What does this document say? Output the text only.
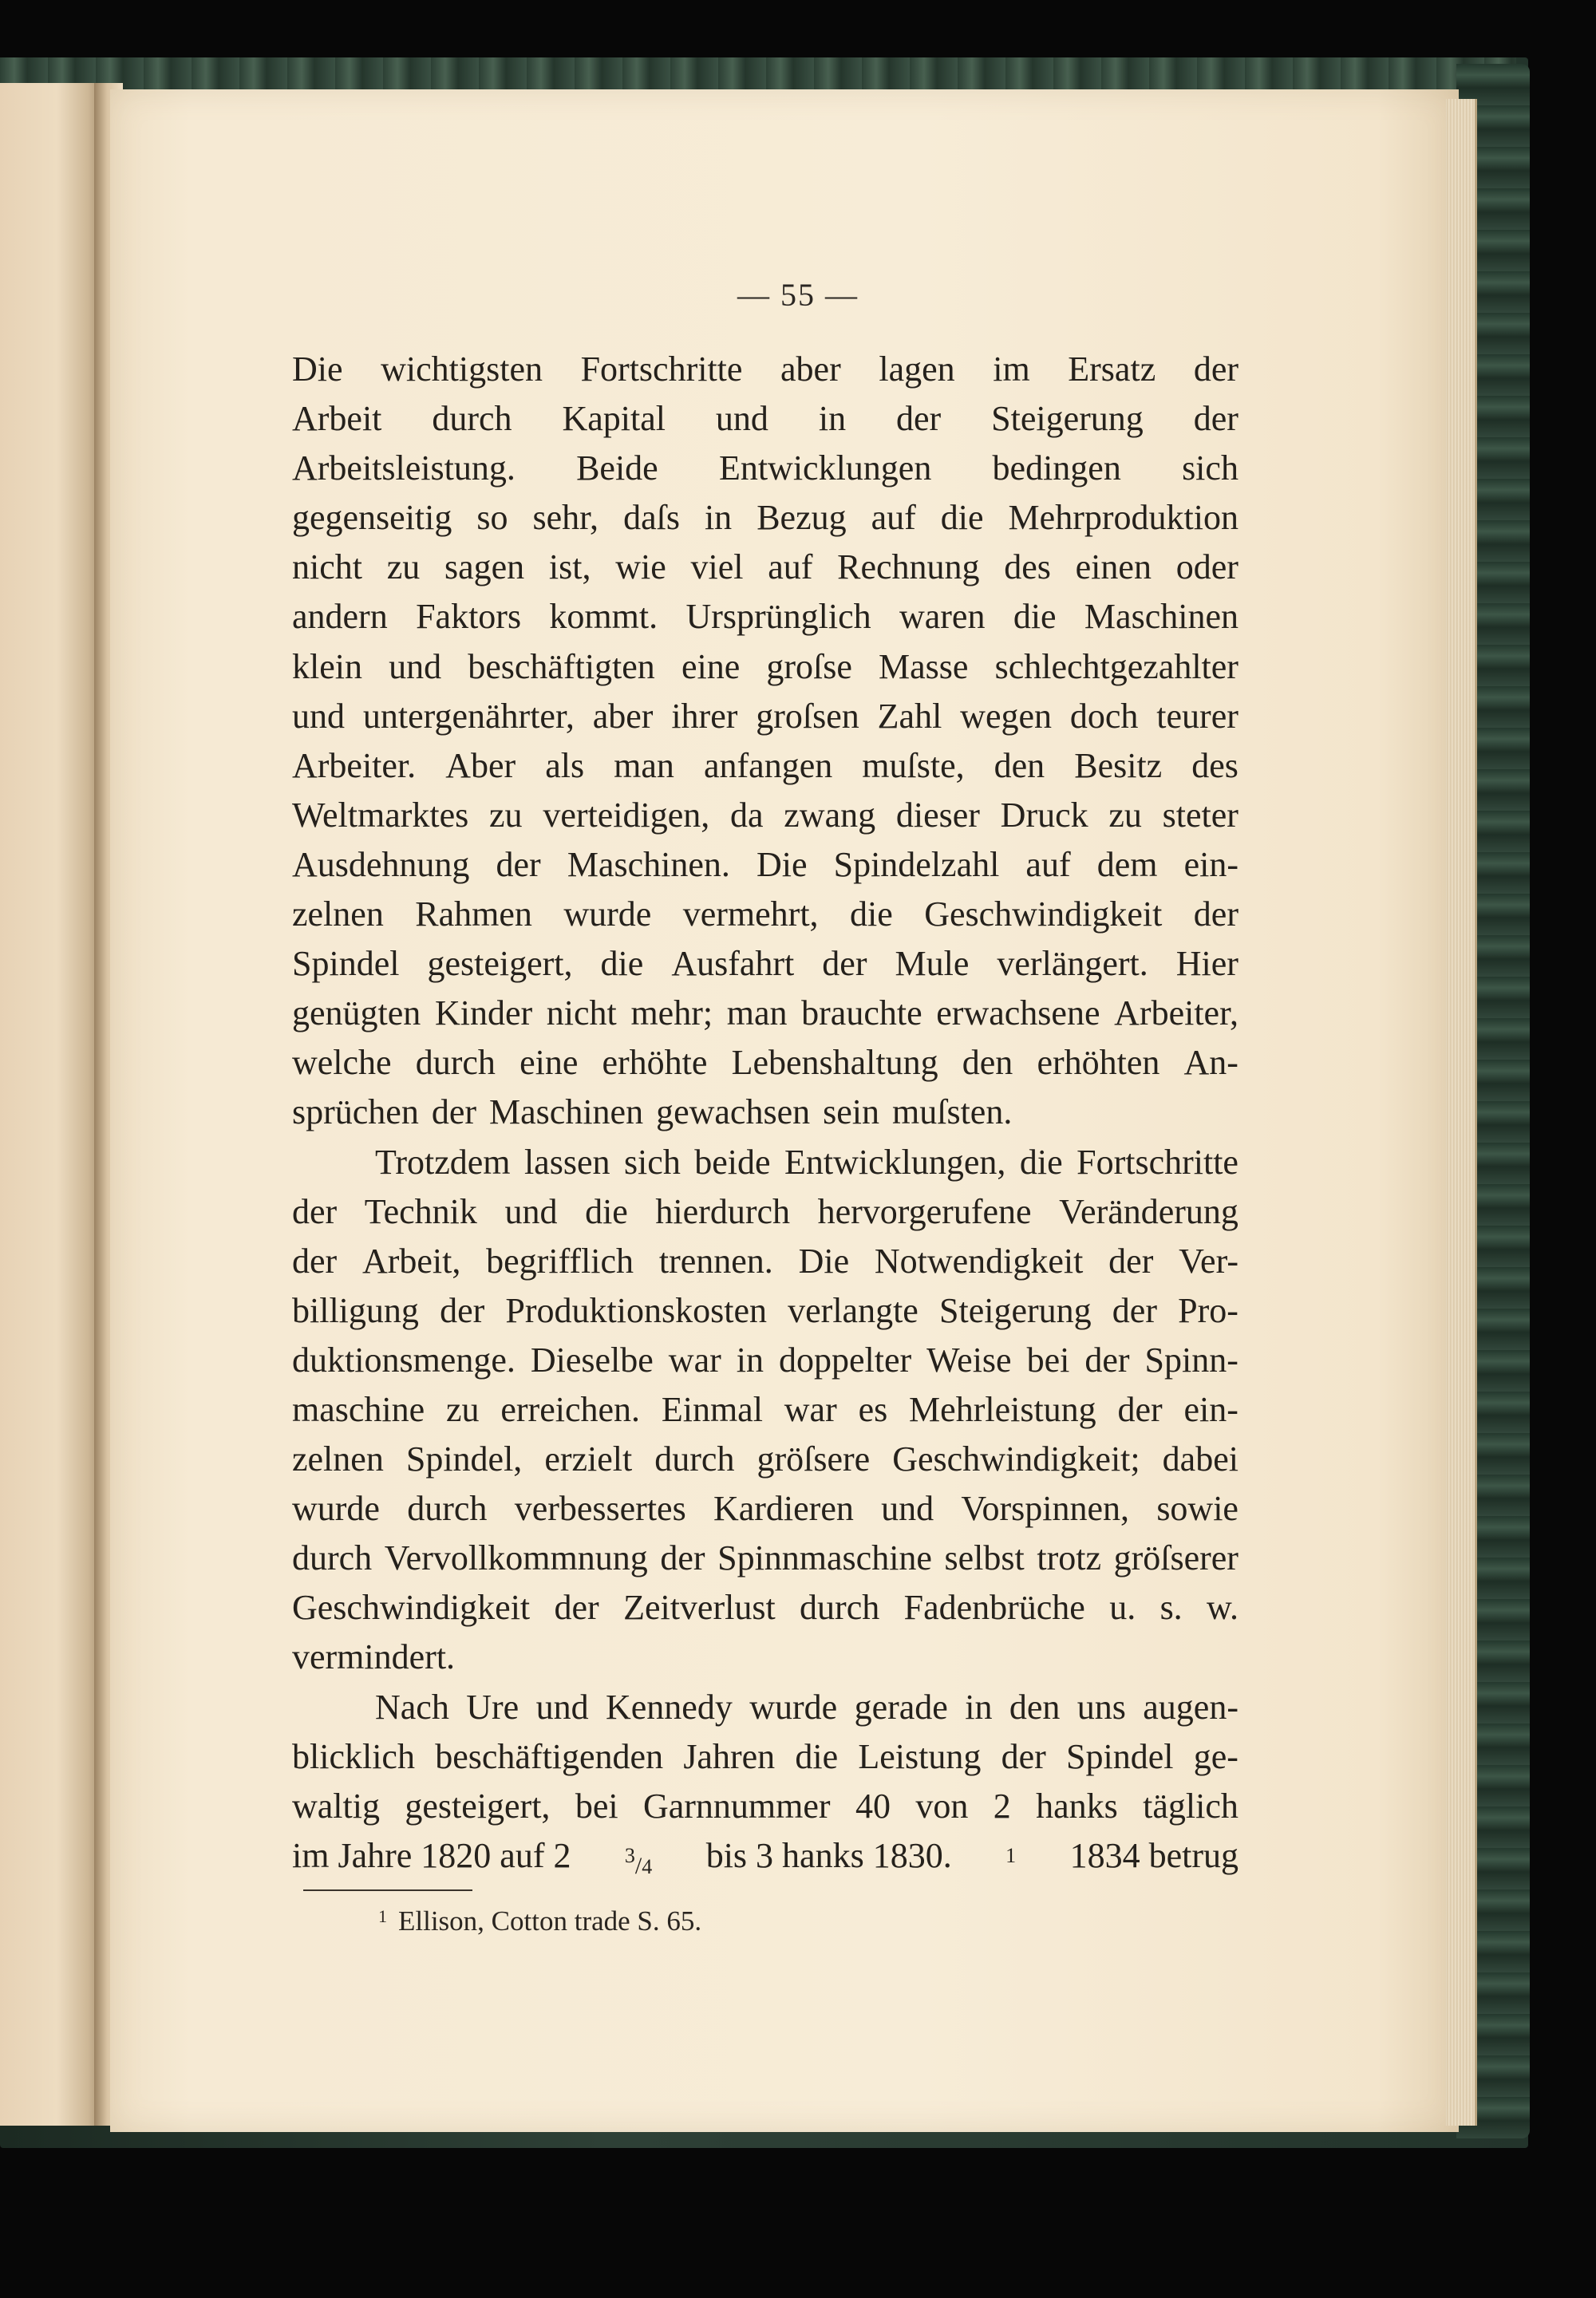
— 55 —
Die wichtigsten Fortschritte aber lagen im Ersatz der
Arbeit durch Kapital und in der Steigerung der
Arbeitsleistung. Beide Entwicklungen bedingen sich
gegenseitig so sehr, daſs in Bezug auf die Mehrproduktion
nicht zu sagen ist, wie viel auf Rechnung des einen oder
andern Faktors kommt. Ursprünglich waren die Maschinen
klein und beschäftigten eine groſse Masse schlechtgezahlter
und untergenährter, aber ihrer groſsen Zahl wegen doch teurer
Arbeiter. Aber als man anfangen muſste, den Besitz des
Weltmarktes zu verteidigen, da zwang dieser Druck zu steter
Ausdehnung der Maschinen. Die Spindelzahl auf dem ein-
zelnen Rahmen wurde vermehrt, die Geschwindigkeit der
Spindel gesteigert, die Ausfahrt der Mule verlängert. Hier
genügten Kinder nicht mehr; man brauchte erwachsene Arbeiter,
welche durch eine erhöhte Lebenshaltung den erhöhten An-
sprüchen der Maschinen gewachsen sein muſsten.
Trotzdem lassen sich beide Entwicklungen, die Fortschritte
der Technik und die hierdurch hervorgerufene Veränderung
der Arbeit, begrifflich trennen. Die Notwendigkeit der Ver-
billigung der Produktionskosten verlangte Steigerung der Pro-
duktionsmenge. Dieselbe war in doppelter Weise bei der Spinn-
maschine zu erreichen. Einmal war es Mehrleistung der ein-
zelnen Spindel, erzielt durch gröſsere Geschwindigkeit; dabei
wurde durch verbessertes Kardieren und Vorspinnen, sowie
durch Vervollkommnung der Spinnmaschine selbst trotz gröſserer
Geschwindigkeit der Zeitverlust durch Fadenbrüche u. s. w.
vermindert.
Nach Ure und Kennedy wurde gerade in den uns augen-
blicklich beschäftigenden Jahren die Leistung der Spindel ge-
waltig gesteigert, bei Garnnummer 40 von 2 hanks täglich
im Jahre 1820 auf 2	$^3$/4 bis 3 hanks 1830.	1 1834 betrug
$^1$ Ellison, Cotton trade S. 65.
